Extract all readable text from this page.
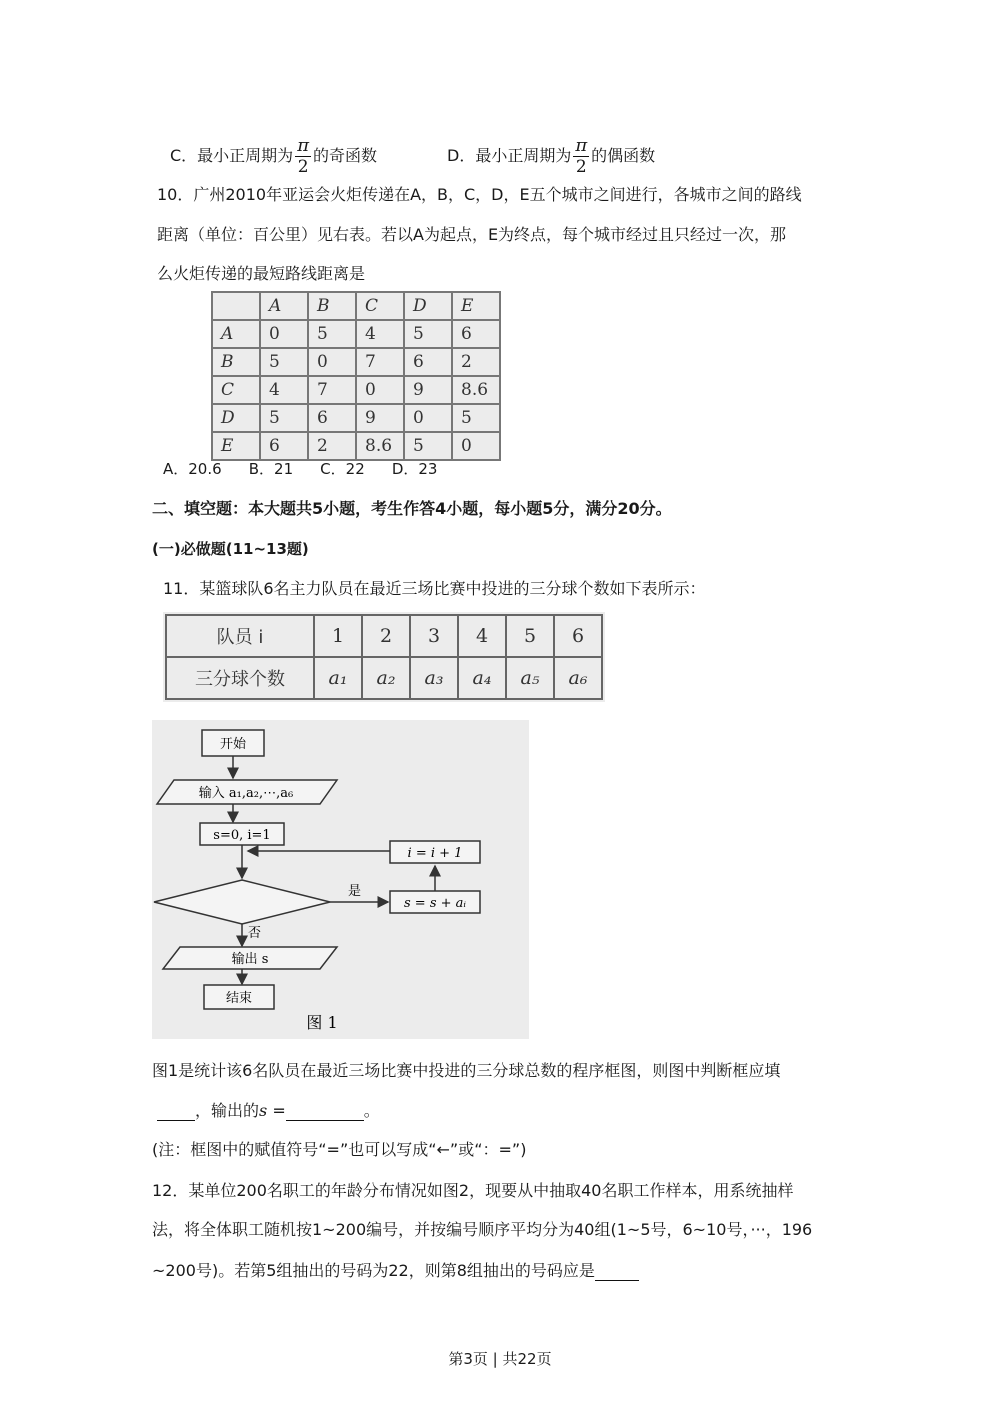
C．最小正周期为 $\frac{\pi}{2}$ 的奇函数	D．最小正周期为 $\frac{\pi}{2}$ 的偶函数
10．广州2010年亚运会火炬传递在A，B，C，D，E五个城市之间进行，各城市之间的路线
距离（单位：百公里）见右表。若以A为起点，E为终点，每个城市经过且只经过一次，那
么火炬传递的最短路线距离是
	A	B	C	D	E
A	0	5	4	5	6
B	5	0	7	6	2
C	4	7	0	9	8.6
D	5	6	9	0	5
E	6	2	8.6	5	0
A．20.6    B．21    C．22    D．23
二、填空题：本大题共5小题，考生作答4小题，每小题5分，满分20分。
(一)必做题(11~13题)
11．某篮球队6名主力队员在最近三场比赛中投进的三分球个数如下表所示：
队员 i	1	2	3	4	5	6
三分球个数	a₁	a₂	a₃	a₄	a₅	a₆
开始
输入 a₁,a₂,⋯,a₆
s=0, i=1
i = i + 1
是
s = s + aᵢ
否
输出 s
结束
图 1
图1是统计该6名队员在最近三场比赛中投进的三分球总数的程序框图，则图中判断框应填
，输出的s =	。
(注：框图中的赋值符号“=”也可以写成“←”或“：=”)
12．某单位200名职工的年龄分布情况如图2，现要从中抽取40名职工作样本，用系统抽样
法，将全体职工随机按1~200编号，并按编号顺序平均分为40组(1~5号，6~10号，···，196
~200号)。若第5组抽出的号码为22，则第8组抽出的号码应是
第3页 | 共22页
